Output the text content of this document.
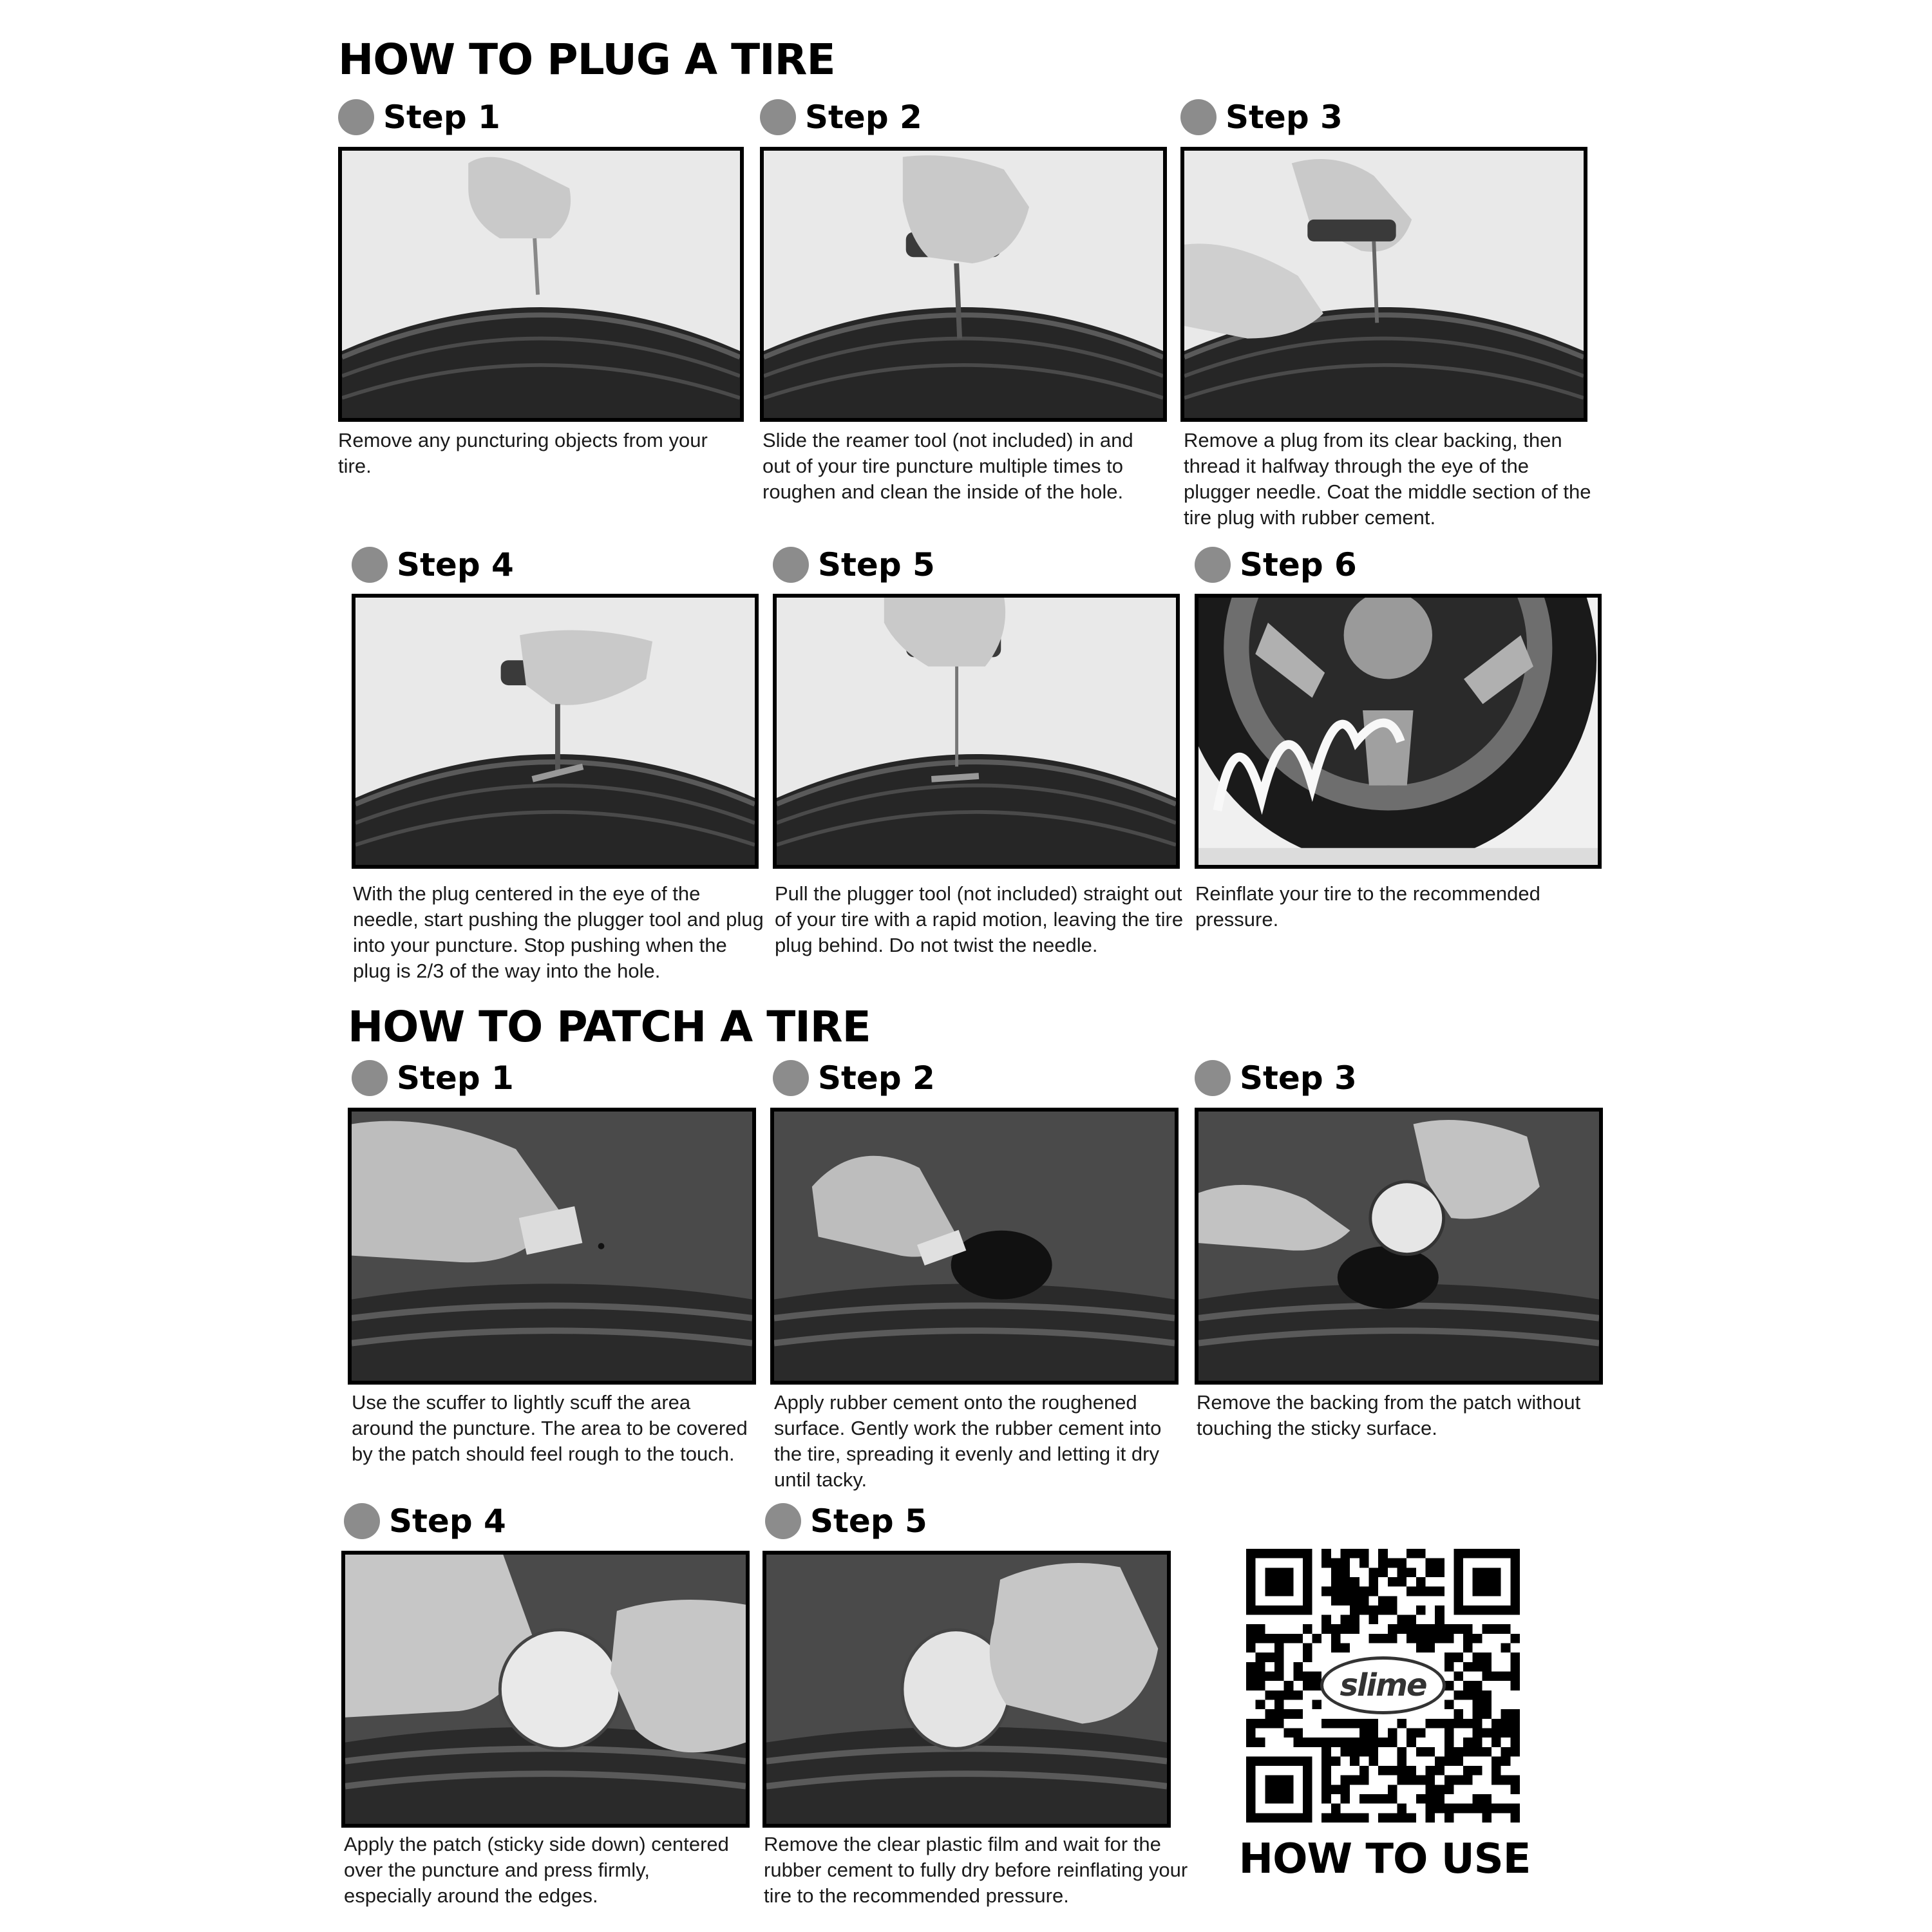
HOW TO PLUG A TIRE
Step 1

Remove any puncturing objects from your tire.

Step 2

Slide the reamer tool (not included) in and out of your tire puncture multiple times to roughen and clean the inside of the hole.

Step 3

Remove a plug from its clear backing, then thread it halfway through the eye of the plugger needle. Coat the middle section of the tire plug with rubber cement.

Step 4

With the plug centered in the eye of the needle, start pushing the plugger tool and plug into your puncture. Stop pushing when the plug is 2/3 of the way into the hole.

Step 5

Pull the plugger tool (not included) straight out of your tire with a rapid motion, leaving the tire plug behind. Do not twist the needle.

Step 6

Reinflate your tire to the recommended pressure.

HOW TO PATCH A TIRE
Step 1

Use the scuffer to lightly scuff the area around the puncture. The area to be covered by the patch should feel rough to the touch.

Step 2

Apply rubber cement onto the roughened surface. Gently work the rubber cement into the tire, spreading it evenly and letting it dry until tacky.

Step 3

Remove the backing from the patch without touching the sticky surface.

Step 4

Apply the patch (sticky side down) centered over the puncture and press firmly, especially around the edges.

Step 5

Remove the clear plastic film and wait for the rubber cement to fully dry before reinflating your tire to the recommended pressure.

slime

HOW TO USE
